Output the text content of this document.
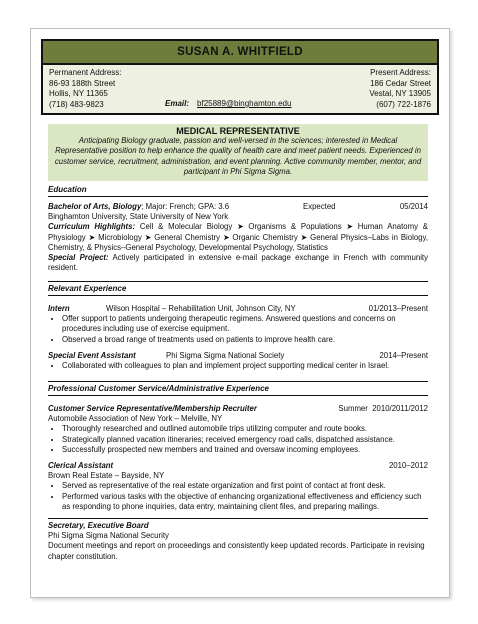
SUSAN A. WHITFIELD
Permanent Address:
86-93 188th Street
Hollis, NY 11365
(718) 483-9823
Present Address:
186 Cedar Street
Vestal, NY 13905
(607) 722-1876
Email: bf25889@binghamton.edu
MEDICAL REPRESENTATIVE
Anticipating Biology graduate, passion and well-versed in the sciences; interested in Medical Representative position to help enhance the quality of health care and meet patient needs. Experienced in customer service, recruitment, administration, and event planning. Active community member, mentor, and participant in Phi Sigma Sigma.
Education
Bachelor of Arts, Biology; Major: French; GPA: 3.6	Expected	05/2014
Binghamton University, State University of New York
Curriculum Highlights: Cell & Molecular Biology ➤ Organisms & Populations ➤ Human Anatomy & Physiology ➤ Microbiology ➤ General Chemistry ➤ Organic Chemistry ➤ General Physics–Labs in Biology, Chemistry, & Physics–General Psychology, Developmental Psychology, Statistics
Special Project: Actively participated in extensive e-mail package exchange in French with community resident.
Relevant Experience
Intern	Wilson Hospital – Rehabilitation Unit, Johnson City, NY	01/2013–Present
• Offer support to patients undergoing therapeutic regimens. Answered questions and concerns on procedures including use of exercise equipment.
• Observed a broad range of treatments used on patients to improve health care.
Special Event Assistant	Phi Sigma Sigma National Society	2014–Present
• Collaborated with colleagues to plan and implement project supporting medical center in Israel.
Professional Customer Service/Administrative Experience
Customer Service Representative/Membership Recruiter	Summer  2010/2011/2012
Automobile Association of New York – Melville, NY
• Thoroughly researched and outlined automobile trips utilizing computer and route books.
• Strategically planned vacation itineraries; received emergency road calls, dispatched assistance.
• Successfully prospected new members and trained and oversaw incoming employees.
Clerical Assistant	2010–2012
Brown Real Estate – Bayside, NY
• Served as representative of the real estate organization and first point of contact at front desk.
• Performed various tasks with the objective of enhancing organizational effectiveness and efficiency such as responding to phone inquiries, data entry, maintaining client files, and preparing mailings.
Secretary, Executive Board
Phi Sigma Sigma National Security
Document meetings and report on proceedings and consistently keep updated records. Participate in revising chapter constitution.
